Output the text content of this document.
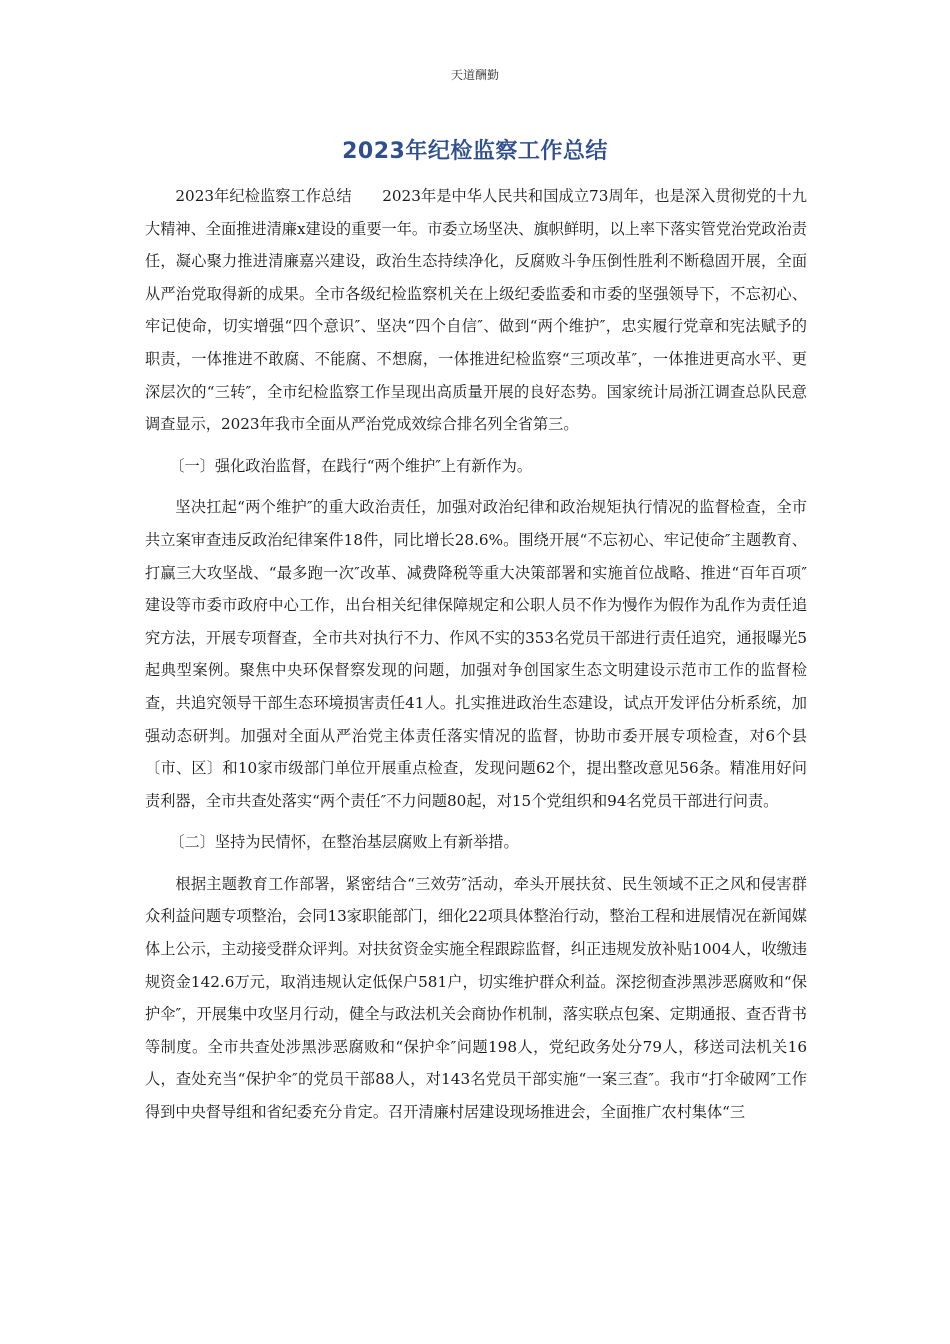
天道酬勤
2023年纪检监察工作总结

2023年纪检监察工作总结　　2023年是中华人民共和国成立73周年，也是深入贯彻党的十九大精神、全面推进清廉x建设的重要一年。市委立场坚决、旗帜鲜明，以上率下落实管党治党政治责任，凝心聚力推进清廉嘉兴建设，政治生态持续净化，反腐败斗争压倒性胜利不断稳固开展，全面从严治党取得新的成果。全市各级纪检监察机关在上级纪委监委和市委的坚强领导下，不忘初心、牢记使命，切实增强“四个意识″、坚决“四个自信″、做到“两个维护″，忠实履行党章和宪法赋予的职责，一体推进不敢腐、不能腐、不想腐，一体推进纪检监察“三项改革″，一体推进更高水平、更深层次的“三转″，全市纪检监察工作呈现出高质量开展的良好态势。国家统计局浙江调查总队民意调查显示，2023年我市全面从严治党成效综合排名列全省第三。

〔一〕强化政治监督，在践行“两个维护″上有新作为。

坚决扛起“两个维护″的重大政治责任，加强对政治纪律和政治规矩执行情况的监督检查，全市共立案审查违反政治纪律案件18件，同比增长28.6%。围绕开展“不忘初心、牢记使命″主题教育、打赢三大攻坚战、“最多跑一次″改革、减费降税等重大决策部署和实施首位战略、推进“百年百项″建设等市委市政府中心工作，出台相关纪律保障规定和公职人员不作为慢作为假作为乱作为责任追究方法，开展专项督查，全市共对执行不力、作风不实的353名党员干部进行责任追究，通报曝光5起典型案例。聚焦中央环保督察发现的问题，加强对争创国家生态文明建设示范市工作的监督检查，共追究领导干部生态环境损害责任41人。扎实推进政治生态建设，试点开发评估分析系统，加强动态研判。加强对全面从严治党主体责任落实情况的监督，协助市委开展专项检查，对6个县〔市、区〕和10家市级部门单位开展重点检查，发现问题62个，提出整改意见56条。精准用好问责利器，全市共查处落实“两个责任″不力问题80起，对15个党组织和94名党员干部进行问责。

〔二〕坚持为民情怀，在整治基层腐败上有新举措。

根据主题教育工作部署，紧密结合“三效劳″活动，牵头开展扶贫、民生领域不正之风和侵害群众利益问题专项整治，会同13家职能部门，细化22项具体整治行动，整治工程和进展情况在新闻媒体上公示，主动接受群众评判。对扶贫资金实施全程跟踪监督，纠正违规发放补贴1004人，收缴违规资金142.6万元，取消违规认定低保户581户，切实维护群众利益。深挖彻查涉黑涉恶腐败和“保护伞″，开展集中攻坚月行动，健全与政法机关会商协作机制，落实联点包案、定期通报、查否背书等制度。全市共查处涉黑涉恶腐败和“保护伞″问题198人，党纪政务处分79人，移送司法机关16人，查处充当“保护伞″的党员干部88人，对143名党员干部实施“一案三查″。我市“打伞破网″工作得到中央督导组和省纪委充分肯定。召开清廉村居建设现场推进会，全面推广农村集体“三
